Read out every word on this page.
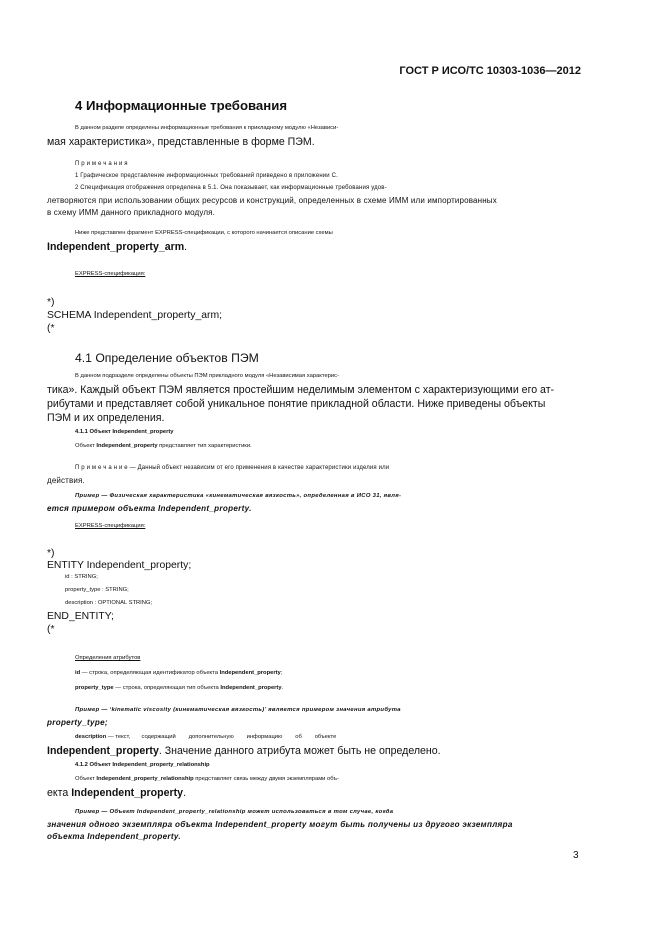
ГОСТ Р ИСО/ТС 10303-1036—2012
4 Информационные требования
В данном разделе определены информационные требования к прикладному модулю «Независи-
мая характеристика», представленные в форме ПЭМ.
П р и м е ч а н и я
1 Графическое представление информационных требований приведено в приложении С.
2 Спецификация отображения определена в 5.1. Она показывает, как информационные требования удов-
летворяются при использовании общих ресурсов и конструкций, определенных в схеме ИММ или импортированных
в схему ИММ данного прикладного модуля.
Ниже представлен фрагмент EXPRESS-спецификации, с которого начинается описание схемы
Independent_property_arm.
EXPRESS-спецификация:
*)
SCHEMA Independent_property_arm;
(*
4.1 Определение объектов ПЭМ
В данном подразделе определены объекты ПЭМ прикладного модуля «Независимая характерис-
тика». Каждый объект ПЭМ является простейшим неделимым элементом с характеризующими его ат-
рибутами и представляет собой уникальное понятие прикладной области. Ниже приведены объекты
ПЭМ и их определения.
4.1.1 Объект Independent_property
Объект Independent_property представляет тип характеристики.
П р и м е ч а н и е — Данный объект независим от его применения в качестве характеристики изделия или
действия.
Пример — Физическая характеристика «кинематическая вязкость», определенная в ИСО 31, явля-
ется примером объекта Independent_property.
EXPRESS-спецификация:
*)
ENTITY Independent_property;
id : STRING;
property_type : STRING;
description : OPTIONAL STRING;
END_ENTITY;
(*
Определения атрибутов
id — строка, определяющая идентификатор объекта Independent_property;
property_type — строка, определяющая тип объекта Independent_property.
Пример — ‘kinematic viscosity (кинематическая вязкость)’ является примером значения атрибута
property_type;
description — текст,       содержащий        дополнительную        информацию        об        объекте
Independent_property. Значение данного атрибута может быть не определено.
4.1.2 Объект Independent_property_relationship
Объект Independent_property_relationship представляет связь между двумя экземплярами объ-
екта Independent_property.
Пример — Объект Independent_property_relationship может использоваться в том случае, когда
значения одного экземпляра объекта Independent_property могут быть получены из другого экземпляра
объекта Independent_property.
3
